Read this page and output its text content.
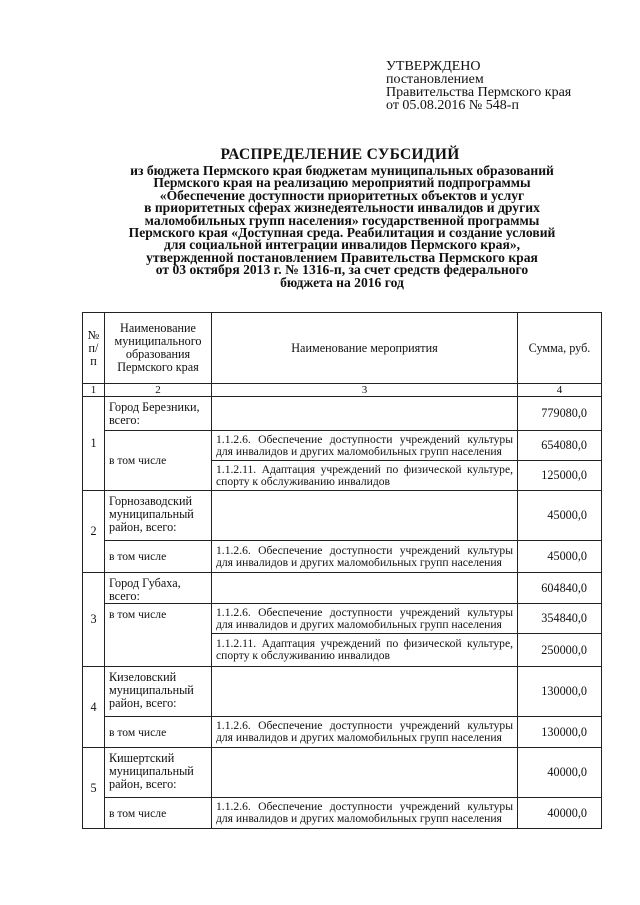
УТВЕРЖДЕНО
постановлением
Правительства Пермского края
от 05.08.2016 № 548-п
РАСПРЕДЕЛЕНИЕ СУБСИДИЙ
из бюджета Пермского края бюджетам муниципальных образований
Пермского края на реализацию мероприятий подпрограммы
«Обеспечение доступности приоритетных объектов и услуг
в приоритетных сферах жизнедеятельности инвалидов и других
маломобильных групп населения» государственной программы
Пермского края «Доступная среда. Реабилитация и создание условий
для социальной интеграции инвалидов Пермского края»,
утвержденной постановлением Правительства Пермского края
от 03 октября 2013 г. № 1316-п, за счет средств федерального
бюджета на 2016 год
№ п/п	Наименование муниципального образования Пермского края	Наименование мероприятия	Сумма, руб.
1	2	3	4
1	Город Березники, всего:		779080,0
	в том числе	1.1.2.6. Обеспечение доступности учреждений культуры для инвалидов и других маломобильных групп населения	654080,0
		1.1.2.11. Адаптация учреждений по физической культуре, спорту к обслуживанию инвалидов	125000,0
2	Горнозаводский муниципальный район, всего:		45000,0
	в том числе	1.1.2.6. Обеспечение доступности учреждений культуры для инвалидов и других маломобильных групп населения	45000,0
3	Город Губаха, всего:		604840,0
	в том числе	1.1.2.6. Обеспечение доступности учреждений культуры для инвалидов и других маломобильных групп населения	354840,0
		1.1.2.11. Адаптация учреждений по физической культуре, спорту к обслуживанию инвалидов	250000,0
4	Кизеловский муниципальный район, всего:		130000,0
	в том числе	1.1.2.6. Обеспечение доступности учреждений культуры для инвалидов и других маломобильных групп населения	130000,0
5	Кишертский муниципальный район, всего:		40000,0
	в том числе	1.1.2.6. Обеспечение доступности учреждений культуры для инвалидов и других маломобильных групп населения	40000,0
